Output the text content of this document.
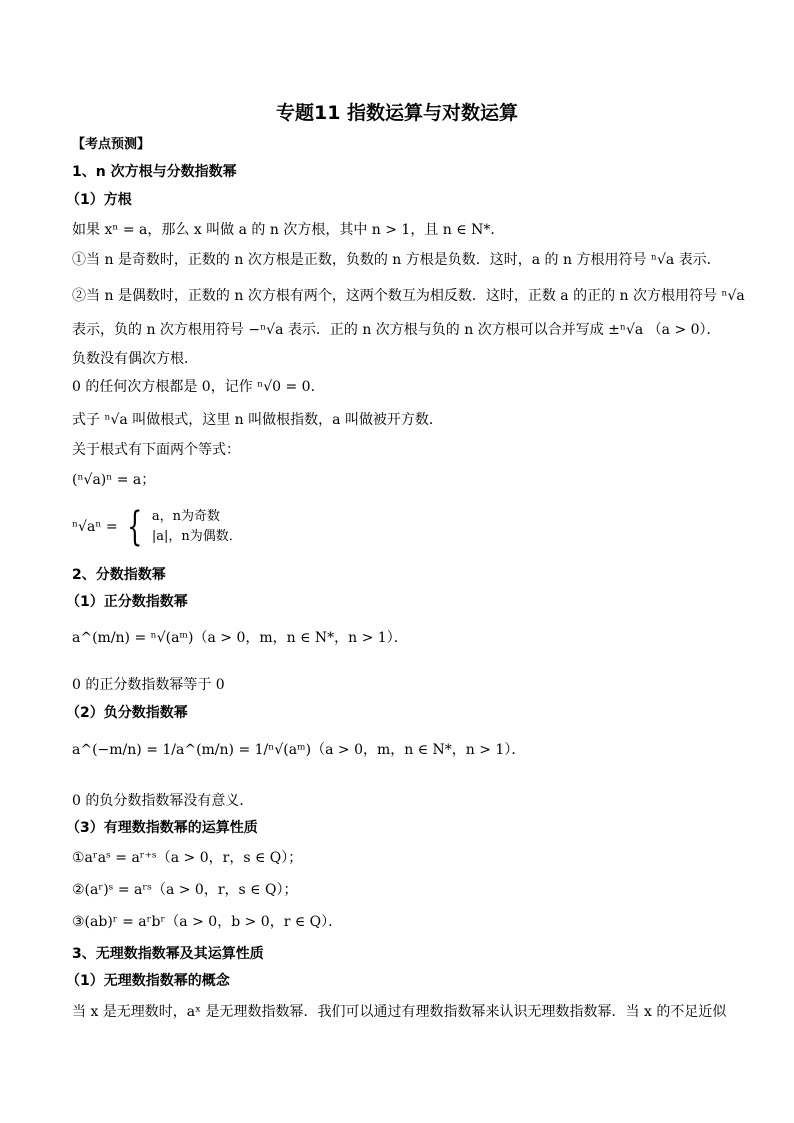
专题11 指数运算与对数运算
【考点预测】
1、n 次方根与分数指数幂
（1）方根
如果 xⁿ = a，那么 x 叫做 a 的 n 次方根，其中 n > 1，且 n ∈ N*．
①当 n 是奇数时，正数的 n 次方根是正数，负数的 n 方根是负数．这时，a 的 n 方根用符号 ⁿ√a 表示．
②当 n 是偶数时，正数的 n 次方根有两个，这两个数互为相反数．这时，正数 a 的正的 n 次方根用符号 ⁿ√a
表示，负的 n 次方根用符号 −ⁿ√a 表示．正的 n 次方根与负的 n 次方根可以合并写成 ±ⁿ√a （a > 0）．
负数没有偶次方根．
0 的任何次方根都是 0，记作 ⁿ√0 = 0．
式子 ⁿ√a 叫做根式，这里 n 叫做根指数，a 叫做被开方数．
关于根式有下面两个等式：
(ⁿ√a)ⁿ = a；
ⁿ√aⁿ = { a，n为奇数
|a|，n为偶数．
2、分数指数幂
（1）正分数指数幂
a^(m/n) = ⁿ√(aᵐ)（a > 0，m，n ∈ N*，n > 1）．
0 的正分数指数幂等于 0
（2）负分数指数幂
a^(−m/n) = 1/a^(m/n) = 1/ⁿ√(aᵐ)（a > 0，m，n ∈ N*，n > 1）．
0 的负分数指数幂没有意义．
（3）有理数指数幂的运算性质
①aʳaˢ = aʳ⁺ˢ（a > 0，r，s ∈ Q）；
②(aʳ)ˢ = aʳˢ（a > 0，r，s ∈ Q）；
③(ab)ʳ = aʳbʳ（a > 0，b > 0，r ∈ Q）．
3、无理数指数幂及其运算性质
（1）无理数指数幂的概念
当 x 是无理数时，aˣ 是无理数指数幂．我们可以通过有理数指数幂来认识无理数指数幂．当 x 的不足近似
